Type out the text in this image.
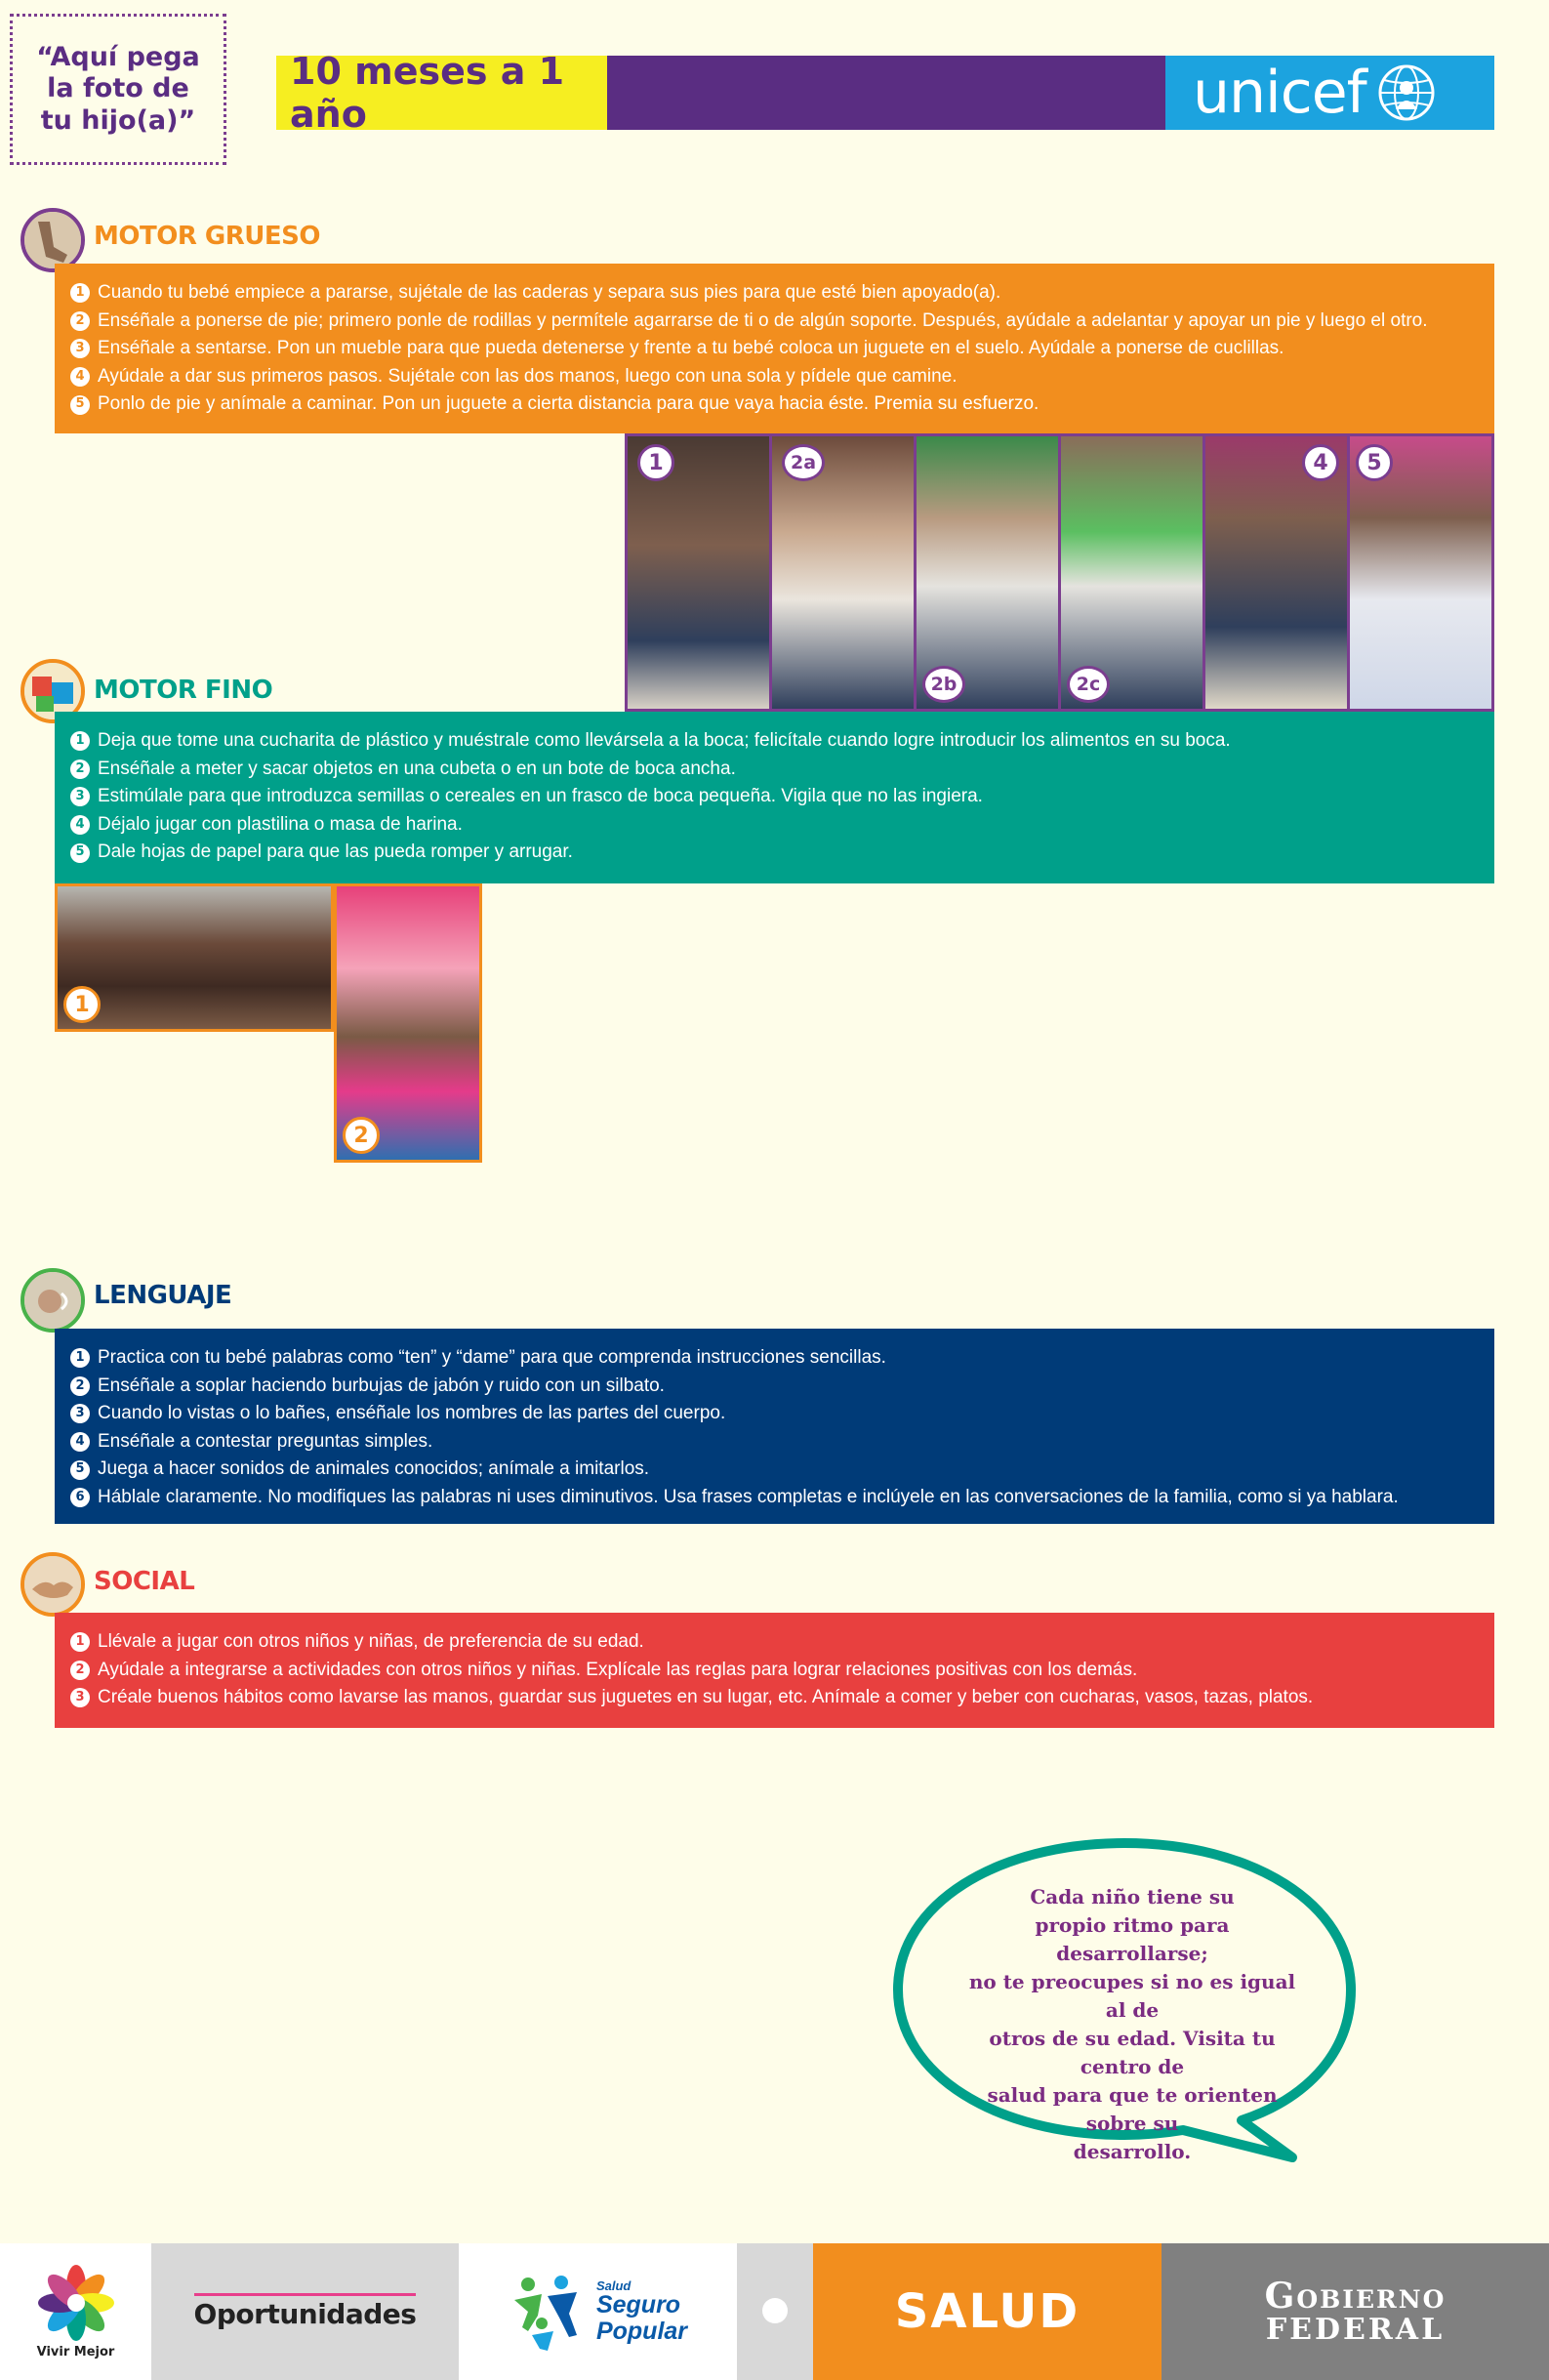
“Aquí pega
la foto de
tu hijo(a)”
10 meses a 1 año	unicef
MOTOR GRUESO
1 Cuando tu bebé empiece a pararse, sujétale de las caderas y separa sus pies para que esté bien apoyado(a).
2 Enséñale a ponerse de pie; primero ponle de rodillas y permítele agarrarse de ti o de algún soporte. Después, ayúdale a adelantar y apoyar un pie y luego el otro.
3 Enséñale a sentarse. Pon un mueble para que pueda detenerse y frente a tu bebé coloca un juguete en el suelo. Ayúdale a ponerse de cuclillas.
4 Ayúdale a dar sus primeros pasos. Sujétale con las dos manos, luego con una sola y pídele que camine.
5 Ponlo de pie y anímale a caminar. Pon un juguete a cierta distancia para que vaya hacia éste. Premia su esfuerzo.
1	2a
2b	2c
4	5
MOTOR FINO
1 Deja que tome una cucharita de plástico y muéstrale como llevársela a la boca; felicítale cuando logre introducir los alimentos en su boca.
2 Enséñale a meter y sacar objetos en una cubeta o en un bote de boca ancha.
3 Estimúlale para que introduzca semillas o cereales en un frasco de boca pequeña. Vigila que no las ingiera.
4 Déjalo jugar con plastilina o masa de harina.
5 Dale hojas de papel para que las pueda romper y arrugar.
1
2
LENGUAJE
1 Practica con tu bebé palabras como “ten” y “dame” para que comprenda instrucciones sencillas.
2 Enséñale a soplar haciendo burbujas de jabón y ruido con un silbato.
3 Cuando lo vistas o lo bañes, enséñale los nombres de las partes del cuerpo.
4 Enséñale a contestar preguntas simples.
5 Juega a hacer sonidos de animales conocidos; anímale a imitarlos.
6 Háblale claramente. No modifiques las palabras ni uses diminutivos. Usa frases completas e inclúyele en las conversaciones de la familia, como si ya hablara.
SOCIAL
1 Llévale a jugar con otros niños y niñas, de preferencia de su edad.
2 Ayúdale a integrarse a actividades con otros niños y niñas. Explícale las reglas para lograr relaciones positivas con los demás.
3 Créale buenos hábitos como lavarse las manos, guardar sus juguetes en su lugar, etc. Anímale a comer y beber con cucharas, vasos, tazas, platos.
Cada niño tiene su
propio ritmo para desarrollarse;
no te preocupes si no es igual al de
otros de su edad. Visita tu centro de
salud para que te orienten sobre su
desarrollo.
Vivir Mejor
Oportunidades
Salud
Seguro
Popular	SALUD	Gobierno
FEDERAL
